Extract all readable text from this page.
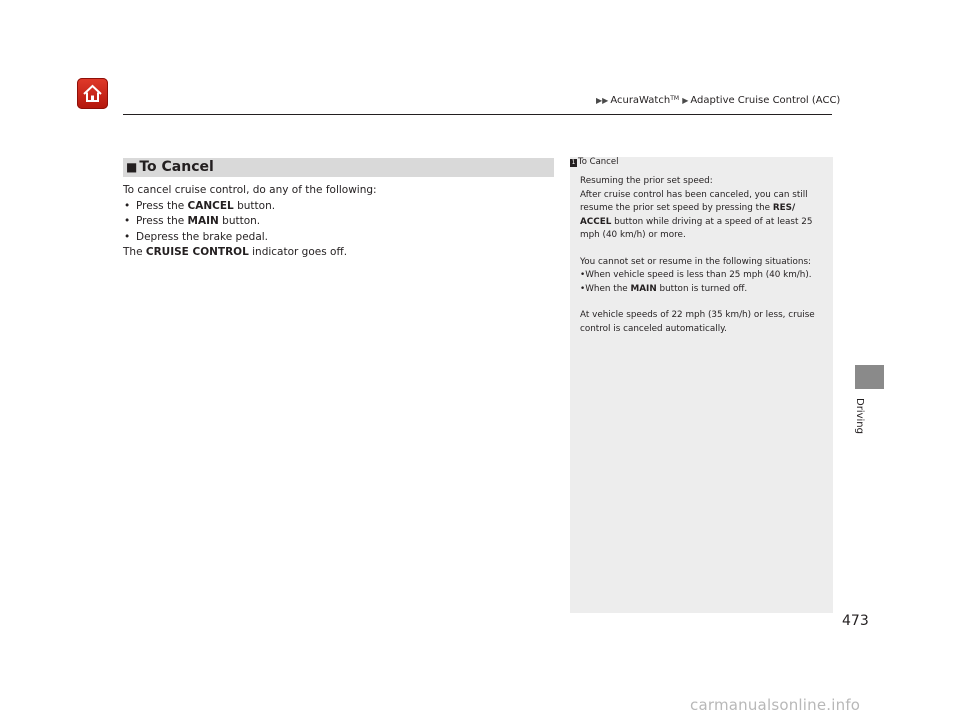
▶▶ AcuraWatch™ ▶ Adaptive Cruise Control (ACC)
■ To Cancel
To cancel cruise control, do any of the following:
• Press the CANCEL button.
• Press the MAIN button.
• Depress the brake pedal.
The CRUISE CONTROL indicator goes off.
1 To Cancel
Resuming the prior set speed:
After cruise control has been canceled, you can still
resume the prior set speed by pressing the RES/
ACCEL button while driving at a speed of at least 25
mph (40 km/h) or more.
You cannot set or resume in the following situations:
•When vehicle speed is less than 25 mph (40 km/h).
•When the MAIN button is turned off.
At vehicle speeds of 22 mph (35 km/h) or less, cruise
control is canceled automatically.
Driving
473
carmanualsonline.info
